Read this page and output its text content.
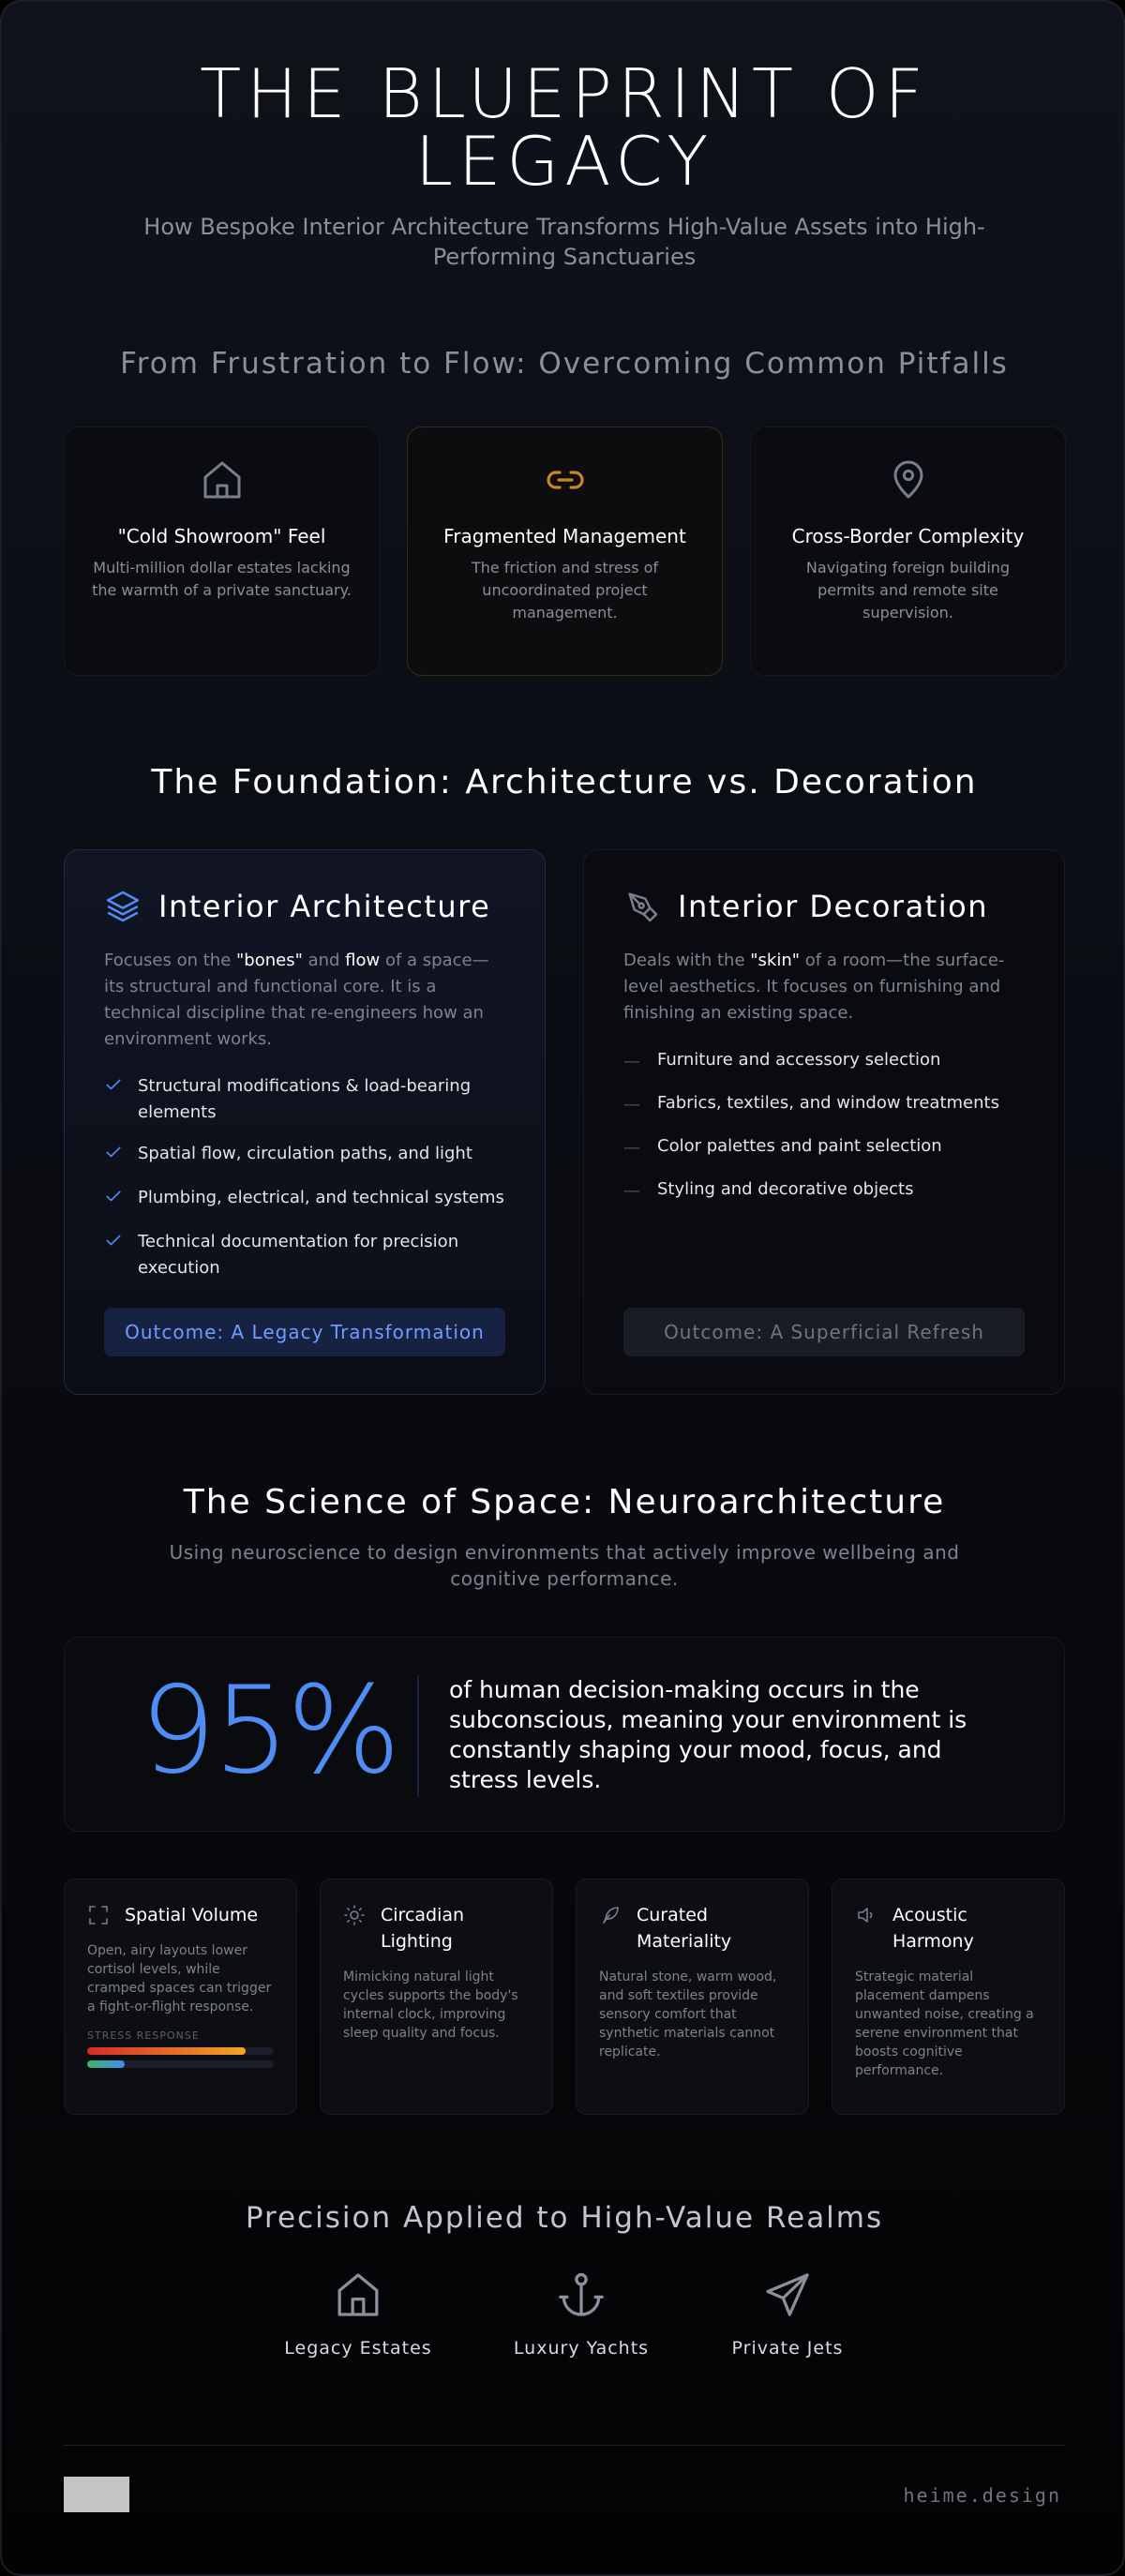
THE BLUEPRINT OF LEGACY

How Bespoke Interior Architecture Transforms High-Value Assets into High-Performing Sanctuaries

From Frustration to Flow: Overcoming Common Pitfalls
"Cold Showroom" Feel

Multi-million dollar estates lacking the warmth of a private sanctuary.

Fragmented Management

The friction and stress of uncoordinated project management.

Cross-Border Complexity

Navigating foreign building permits and remote site supervision.

The Foundation: Architecture vs. Decoration
Interior Architecture

Focuses on the "bones" and flow of a space—its structural and functional core. It is a technical discipline that re-engineers how an environment works.

Structural modifications & load-bearing elements
Spatial flow, circulation paths, and light
Plumbing, electrical, and technical systems
Technical documentation for precision execution
Outcome: A Legacy Transformation
Interior Decoration

Deals with the "skin" of a room—the surface-level aesthetics. It focuses on furnishing and finishing an existing space.

— Furniture and accessory selection
— Fabrics, textiles, and window treatments
— Color palettes and paint selection
— Styling and decorative objects
Outcome: A Superficial Refresh
The Science of Space: Neuroarchitecture

Using neuroscience to design environments that actively improve wellbeing and cognitive performance.

95% of human decision-making occurs in the subconscious, meaning your environment is constantly shaping your mood, focus, and stress levels.

Spatial Volume

Open, airy layouts lower cortisol levels, while cramped spaces can trigger a fight-or-flight response.

STRESS RESPONSE
Circadian Lighting

Mimicking natural light cycles supports the body's internal clock, improving sleep quality and focus.

Curated Materiality

Natural stone, warm wood, and soft textiles provide sensory comfort that synthetic materials cannot replicate.

Acoustic Harmony

Strategic material placement dampens unwanted noise, creating a serene environment that boosts cognitive performance.

Precision Applied to High-Value Realms
Legacy Estates	Luxury Yachts	Private Jets
heime.design
